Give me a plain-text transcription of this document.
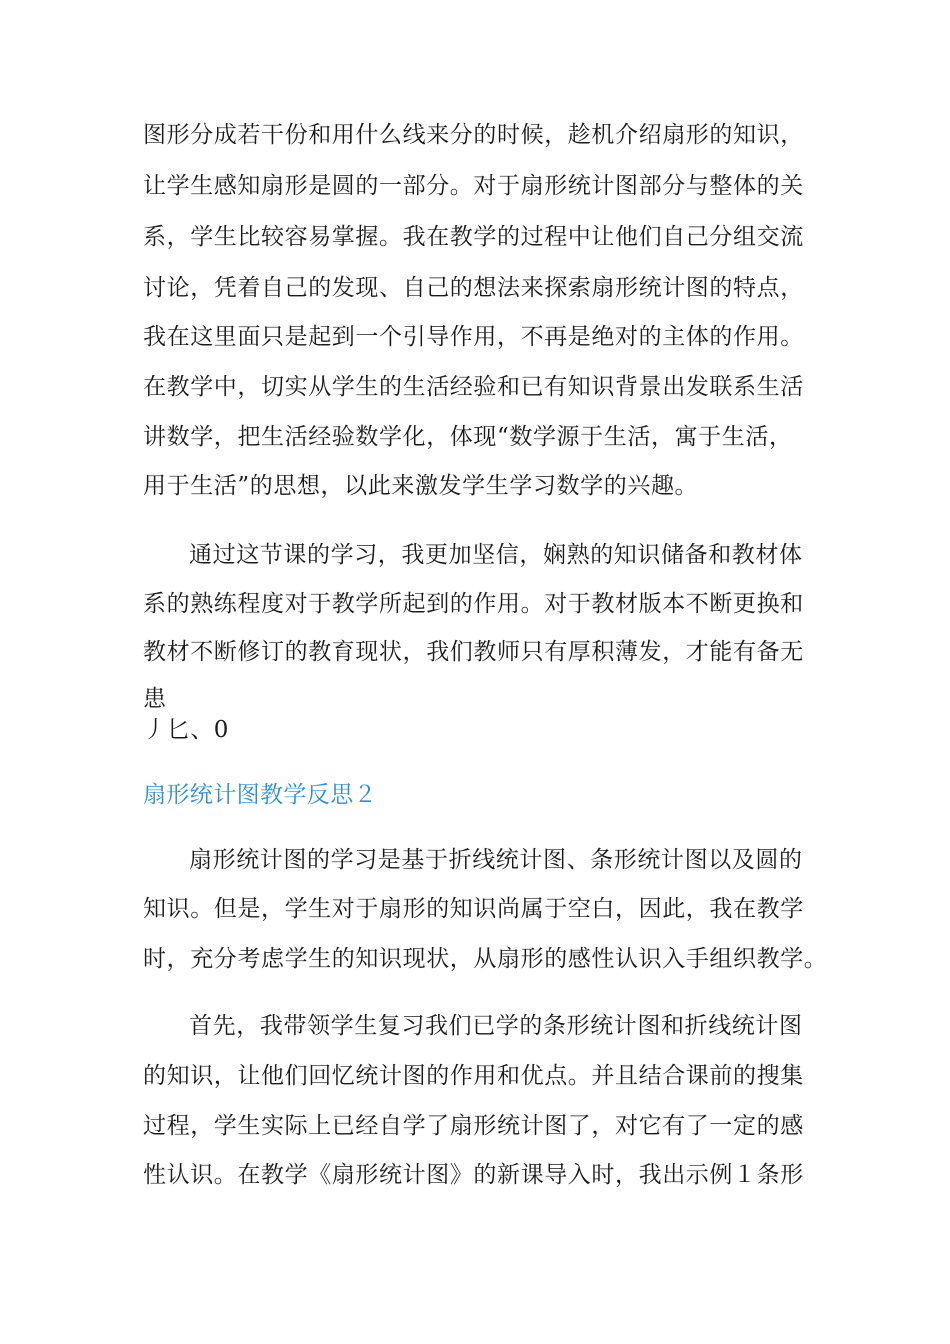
图形分成若干份和用什么线来分的时候，趁机介绍扇形的知识，
让学生感知扇形是圆的一部分。对于扇形统计图部分与整体的关
系，学生比较容易掌握。我在教学的过程中让他们自己分组交流
讨论，凭着自己的发现、自己的想法来探索扇形统计图的特点，
我在这里面只是起到一个引导作用，不再是绝对的主体的作用。
在教学中，切实从学生的生活经验和已有知识背景出发联系生活
讲数学，把生活经验数学化，体现“数学源于生活，寓于生活，
用于生活”的思想，以此来激发学生学习数学的兴趣。
通过这节课的学习，我更加坚信，娴熟的知识储备和教材体
系的熟练程度对于教学所起到的作用。对于教材版本不断更换和
教材不断修订的教育现状，我们教师只有厚积薄发，才能有备无
患
丿匕、0
扇形统计图教学反思２
扇形统计图的学习是基于折线统计图、条形统计图以及圆的
知识。但是，学生对于扇形的知识尚属于空白，因此，我在教学
时，充分考虑学生的知识现状，从扇形的感性认识入手组织教学。
首先，我带领学生复习我们已学的条形统计图和折线统计图
的知识，让他们回忆统计图的作用和优点。并且结合课前的搜集
过程，学生实际上已经自学了扇形统计图了，对它有了一定的感
性认识。在教学《扇形统计图》的新课导入时，我出示例１条形
